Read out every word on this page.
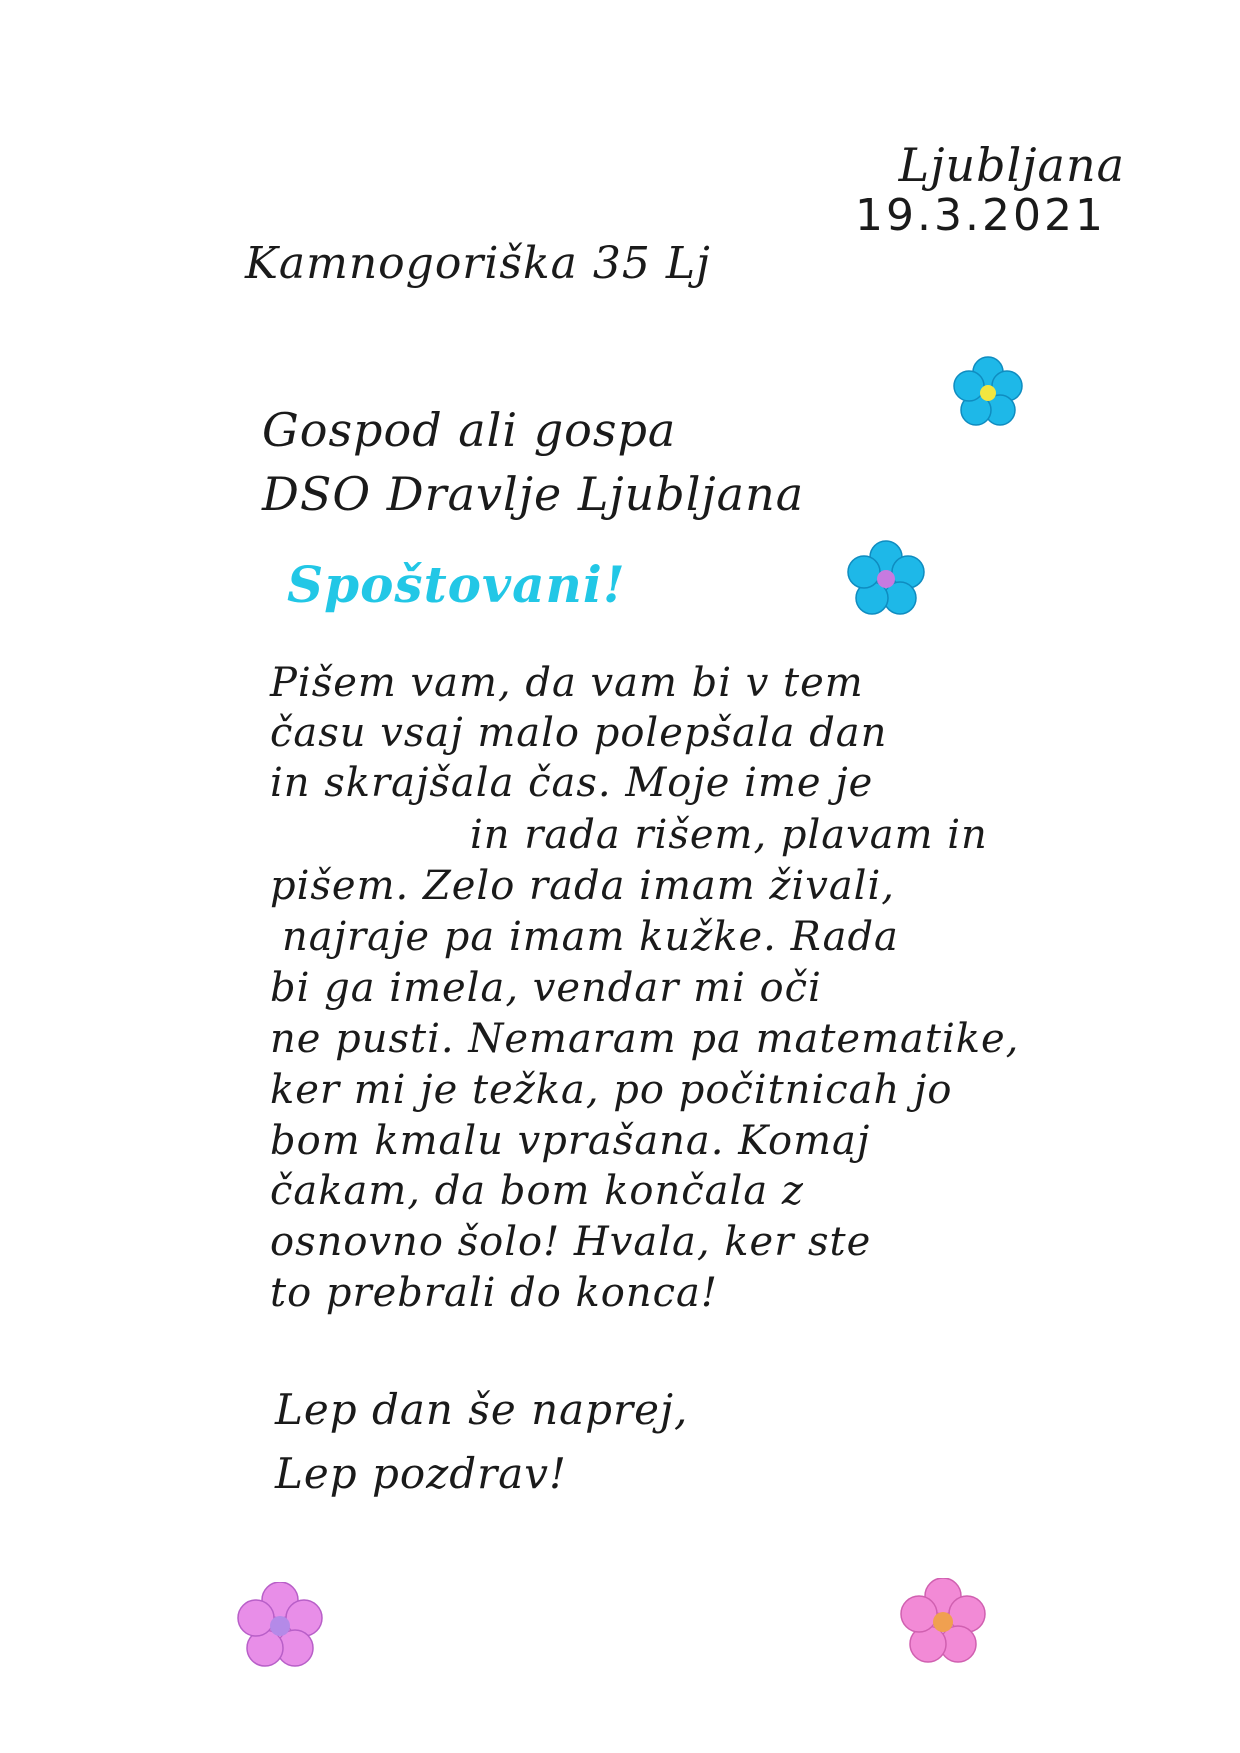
Ljubljana
19.3.2021
Kamnogoriška 35 Lj
Gospod ali gospa
DSO Dravlje Ljubljana
Spoštovani!
Pišem vam, da vam bi v tem
času vsaj malo polepšala dan
in skrajšala čas. Moje ime je
in rada rišem, plavam in
pišem. Zelo rada imam živali,
najraje pa imam kužke. Rada
bi ga imela, vendar mi oči
ne pusti. Nemaram pa matematike,
ker mi je težka, po počitnicah jo
bom kmalu vprašana. Komaj
čakam, da bom končala z
osnovno šolo! Hvala, ker ste
to prebrali do konca!
Lep dan še naprej,
Lep pozdrav!
